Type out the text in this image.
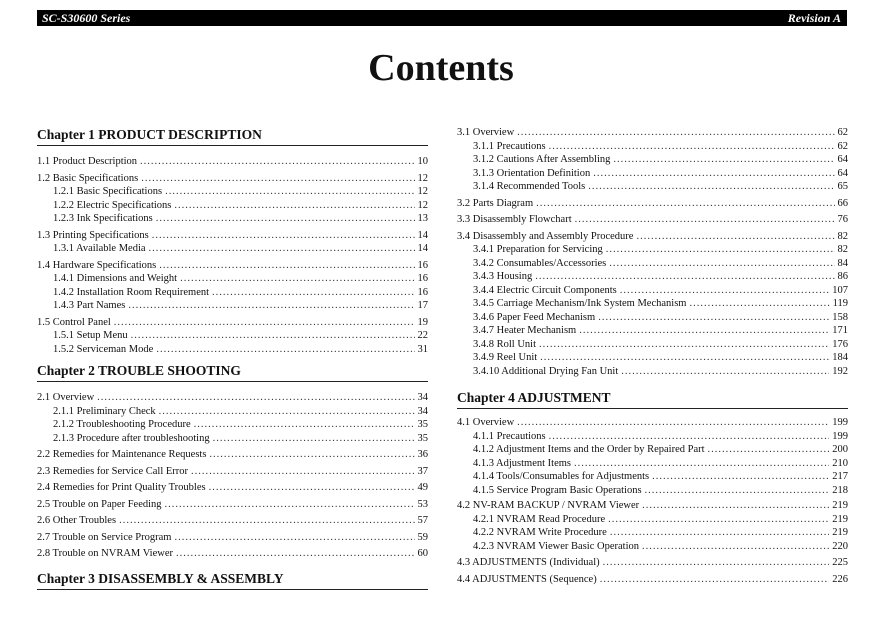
SC-S30600 Series	Revision A
Contents
Chapter 1 PRODUCT DESCRIPTION
1.1 Product Description .....	10
1.2 Basic Specifications .....	12
1.2.1 Basic Specifications .....	12
1.2.2 Electric Specifications .....	12
1.2.3 Ink Specifications .....	13
1.3 Printing Specifications .....	14
1.3.1 Available Media .....	14
1.4 Hardware Specifications .....	16
1.4.1 Dimensions and Weight .....	16
1.4.2 Installation Room Requirement .....	16
1.4.3 Part Names .....	17
1.5 Control Panel .....	19
1.5.1 Setup Menu .....	22
1.5.2 Serviceman Mode .....	31
Chapter 2 TROUBLE SHOOTING
2.1 Overview .....	34
2.1.1 Preliminary Check .....	34
2.1.2 Troubleshooting Procedure .....	35
2.1.3 Procedure after troubleshooting .....	35
2.2 Remedies for Maintenance Requests .....	36
2.3 Remedies for Service Call Error .....	37
2.4 Remedies for Print Quality Troubles .....	49
2.5 Trouble on Paper Feeding .....	53
2.6 Other Troubles .....	57
2.7 Trouble on Service Program .....	59
2.8 Trouble on NVRAM Viewer .....	60
Chapter 3 DISASSEMBLY & ASSEMBLY
3.1 Overview .....	62
3.1.1 Precautions .....	62
3.1.2 Cautions After Assembling .....	64
3.1.3 Orientation Definition .....	64
3.1.4 Recommended Tools .....	65
3.2 Parts Diagram .....	66
3.3 Disassembly Flowchart .....	76
3.4 Disassembly and Assembly Procedure .....	82
3.4.1 Preparation for Servicing .....	82
3.4.2 Consumables/Accessories .....	84
3.4.3 Housing .....	86
3.4.4 Electric Circuit Components .....	107
3.4.5 Carriage Mechanism/Ink System Mechanism .....	119
3.4.6 Paper Feed Mechanism .....	158
3.4.7 Heater Mechanism .....	171
3.4.8 Roll Unit .....	176
3.4.9 Reel Unit .....	184
3.4.10 Additional Drying Fan Unit .....	192
Chapter 4 ADJUSTMENT
4.1 Overview .....	199
4.1.1 Precautions .....	199
4.1.2 Adjustment Items and the Order by Repaired Part .....	200
4.1.3 Adjustment Items .....	210
4.1.4 Tools/Consumables for Adjustments .....	217
4.1.5 Service Program Basic Operations .....	218
4.2 NV-RAM BACKUP / NVRAM Viewer .....	219
4.2.1 NVRAM Read Procedure .....	219
4.2.2 NVRAM Write Procedure .....	219
4.2.3 NVRAM Viewer Basic Operation .....	220
4.3 ADJUSTMENTS (Individual) .....	225
4.4 ADJUSTMENTS (Sequence) .....	226
